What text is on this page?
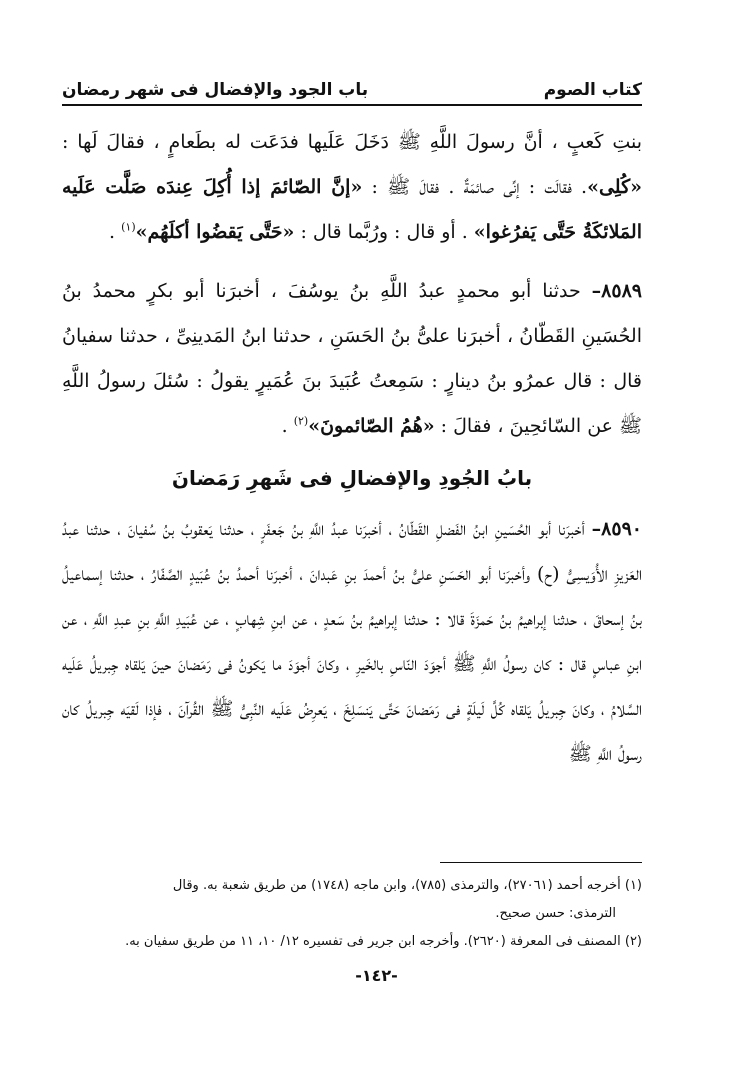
كتاب الصوم
باب الجود والإفضال فى شهر رمضان

بنتِ كَعبٍ ، أنَّ رسولَ اللَّهِ ﷺ دَخَلَ عَلَيها فدَعَت له بطَعامٍ ، فقالَ لَها : «كُلِى». فقالَت : إنِّى صائمَةٌ . فقالَ ﷺ : «إنَّ الصّائمَ إذا أُكِلَ عِندَه صَلَّت عَلَيه المَلائكَةُ حَتَّى يَفرُغوا» . أو قال : ورُبَّما قال : «حَتَّى يَقضُوا أكلَهُم»$^{(١)}$ .

٨٥٨٩– حدثنا أبو محمدٍ عبدُ اللَّهِ بنُ يوسُفَ ، أخبرَنا أبو بكرٍ محمدُ بنُ الحُسَينِ القَطّانُ ، أخبرَنا علىُّ بنُ الحَسَنِ ، حدثنا ابنُ المَدينِىِّ ، حدثنا سفيانُ قال : قال عمرُو بنُ دينارٍ : سَمِعتُ عُبَيدَ بنَ عُمَيرٍ يقولُ : سُئلَ رسولُ اللَّهِ ﷺ عن السّائحِينَ ، فقالَ : «هُمُ الصّائمونَ»$^{(٢)}$ .

بابُ الجُودِ والإفضالِ فى شَهرِ رَمَضانَ

٨٥٩٠– أخبرَنا أبو الحُسَينِ ابنُ الفَضلِ القَطّانُ ، أخبرَنا عبدُ اللَّهِ بنُ جَعفَرٍ ، حدثنا يَعقوبُ بنُ سُفيانَ ، حدثنا عبدُ العَزيزِ الأُوَيسِىُّ (ح) وأخبرَنا أبو الحَسَنِ علىُّ بنُ أحمدَ بنِ عَبدانَ ، أخبرَنا أحمدُ بنُ عُبَيدٍ الصَّفّارُ ، حدثنا إسماعيلُ بنُ إسحاقَ ، حدثنا إبراهيمُ بنُ حَمزَةَ قالا : حدثنا إبراهيمُ بنُ سَعدٍ ، عن ابنِ شِهابٍ ، عن عُبَيدِ اللَّهِ بنِ عبدِ اللَّهِ ، عن ابنِ عباسٍ قال : كان رسولُ اللَّهِ ﷺ أجوَدَ النّاسِ بالخَيرِ ، وكانَ أجوَدَ ما يَكونُ فى رَمَضانَ حينَ يَلقاه جِبريلُ عَلَيه السَّلامُ ، وكانَ جِبريلُ يَلقاه كُلَّ لَيلَةٍ فى رَمَضانَ حَتَّى يَنسَلِخَ ، يَعرِضُ عَلَيه النَّبِىُّ ﷺ القُرآنَ ، فإذا لَقيَه جِبريلُ كان رسولُ اللَّهِ ﷺ

(١) أخرجه أحمد (٢٧٠٦١)، والترمذى (٧٨٥)، وابن ماجه (١٧٤٨) من طريق شعبة به. وقال

الترمذى: حسن صحيح.

(٢) المصنف فى المعرفة (٢٦٢٠). وأخرجه ابن جرير فى تفسيره ١٢/ ١٠، ١١ من طريق سفيان به.

-١٤٢-
